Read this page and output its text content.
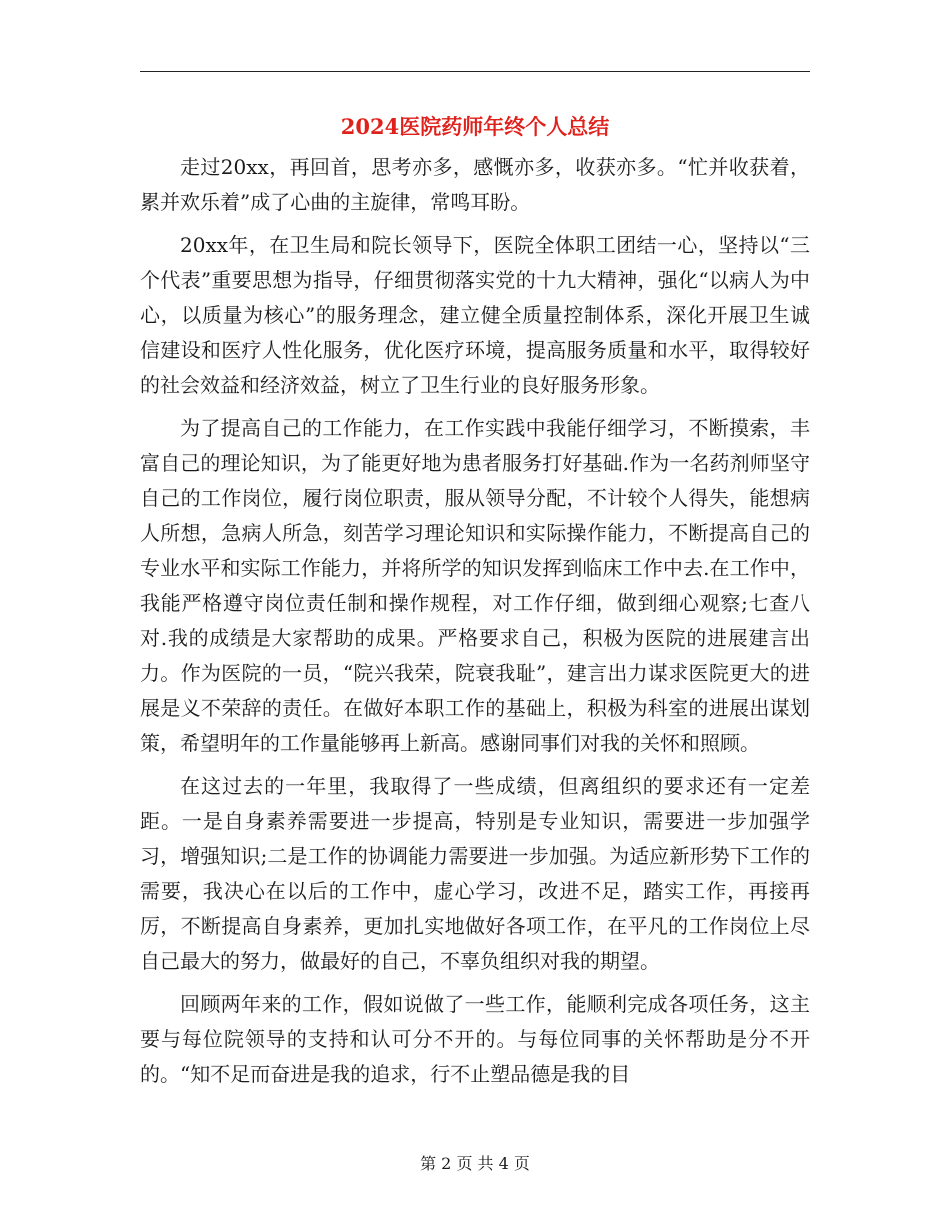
2024医院药师年终个人总结

走过20xx，再回首，思考亦多，感慨亦多，收获亦多。“忙并收获着，累并欢乐着”成了心曲的主旋律，常鸣耳盼。

20xx年，在卫生局和院长领导下，医院全体职工团结一心，坚持以“三个代表”重要思想为指导，仔细贯彻落实党的十九大精神，强化“以病人为中心，以质量为核心”的服务理念，建立健全质量控制体系，深化开展卫生诚信建设和医疗人性化服务，优化医疗环境，提高服务质量和水平，取得较好的社会效益和经济效益，树立了卫生行业的良好服务形象。

为了提高自己的工作能力，在工作实践中我能仔细学习，不断摸索，丰富自己的理论知识，为了能更好地为患者服务打好基础.作为一名药剂师坚守自己的工作岗位，履行岗位职责，服从领导分配，不计较个人得失，能想病人所想，急病人所急，刻苦学习理论知识和实际操作能力，不断提高自己的专业水平和实际工作能力，并将所学的知识发挥到临床工作中去.在工作中，我能严格遵守岗位责任制和操作规程，对工作仔细，做到细心观察;七查八对.我的成绩是大家帮助的成果。严格要求自己，积极为医院的进展建言出力。作为医院的一员，“院兴我荣，院衰我耻”，建言出力谋求医院更大的进展是义不荣辞的责任。在做好本职工作的基础上，积极为科室的进展出谋划策，希望明年的工作量能够再上新高。感谢同事们对我的关怀和照顾。

在这过去的一年里，我取得了一些成绩，但离组织的要求还有一定差距。一是自身素养需要进一步提高，特别是专业知识，需要进一步加强学习，增强知识;二是工作的协调能力需要进一步加强。为适应新形势下工作的需要，我决心在以后的工作中，虚心学习，改进不足，踏实工作，再接再厉，不断提高自身素养，更加扎实地做好各项工作，在平凡的工作岗位上尽自己最大的努力，做最好的自己，不辜负组织对我的期望。

回顾两年来的工作，假如说做了一些工作，能顺利完成各项任务，这主要与每位院领导的支持和认可分不开的。与每位同事的关怀帮助是分不开的。“知不足而奋进是我的追求，行不止塑品德是我的目

第 2 页 共 4 页
